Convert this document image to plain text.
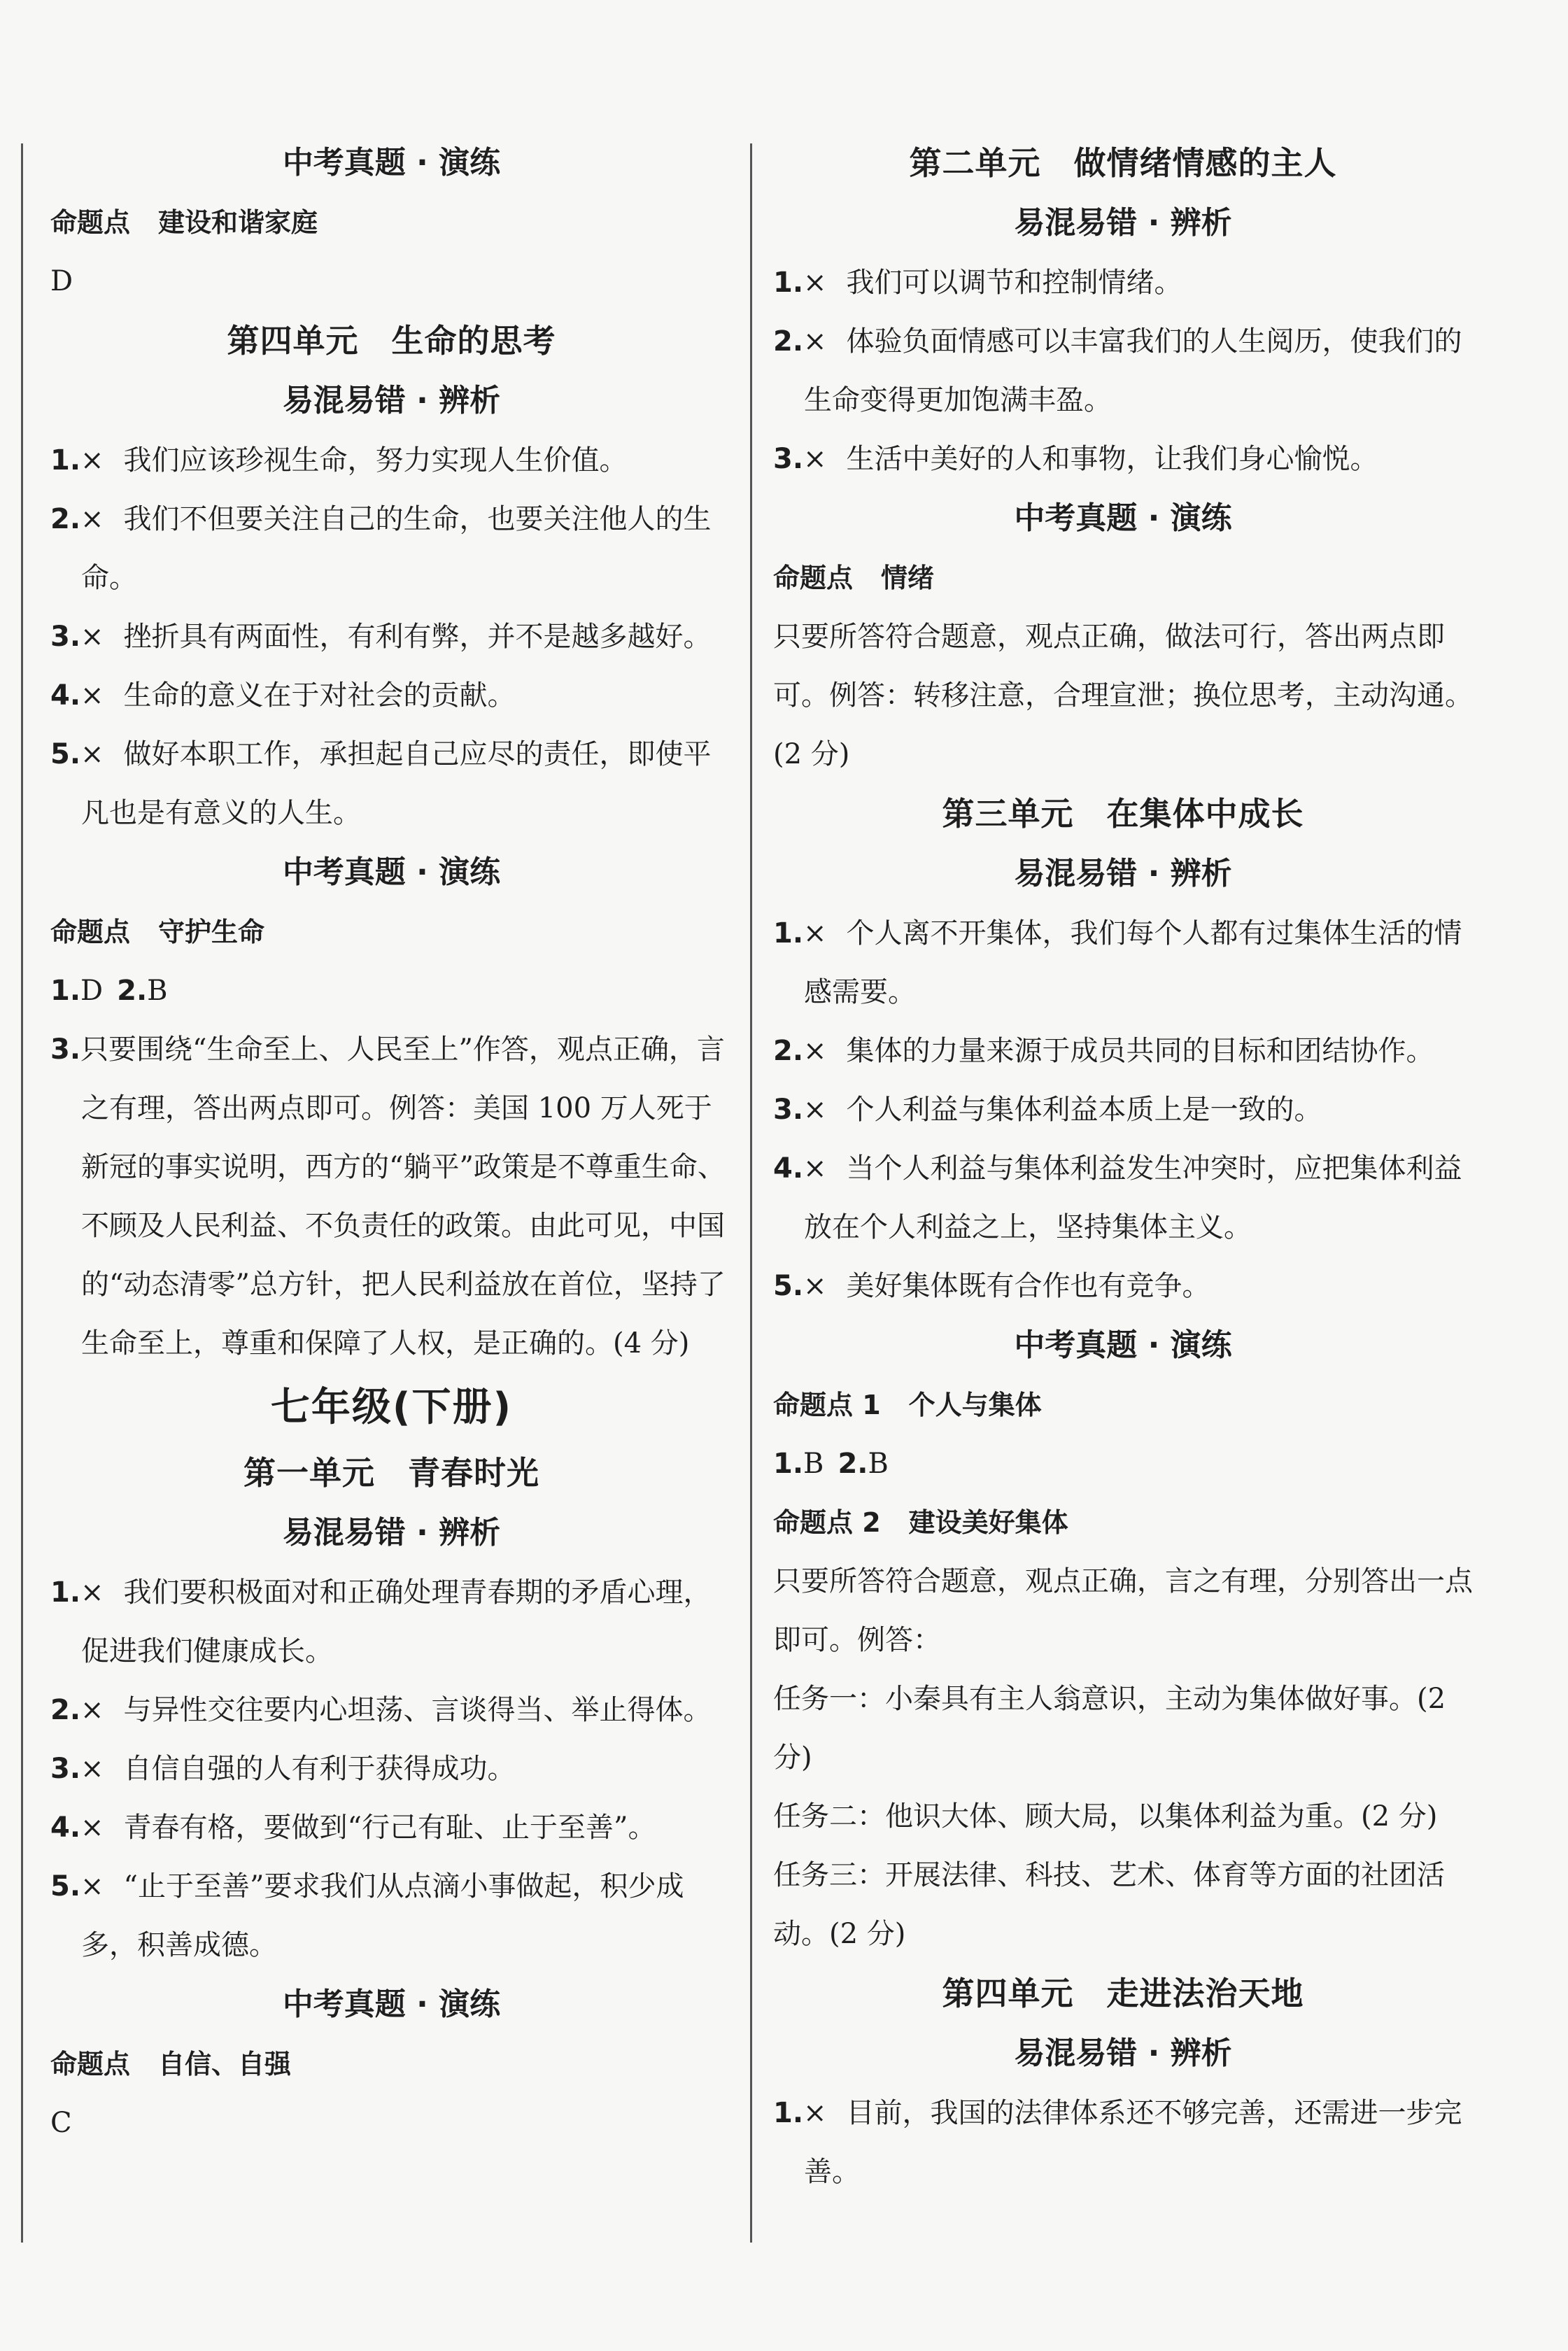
中考真题 · 演练

命题点 建设和谐家庭

D

第四单元　生命的思考
易混易错 · 辨析

1.× 我们应该珍视生命，努力实现人生价值。

2.× 我们不但要关注自己的生命，也要关注他人的生命。

3.× 挫折具有两面性，有利有弊，并不是越多越好。

4.× 生命的意义在于对社会的贡献。

5.× 做好本职工作，承担起自己应尽的责任，即使平凡也是有意义的人生。

中考真题 · 演练

命题点 守护生命

1.D 2.B

3.只要围绕“生命至上、人民至上”作答，观点正确，言之有理，答出两点即可。例答：美国 100 万人死于新冠的事实说明，西方的“躺平”政策是不尊重生命、不顾及人民利益、不负责任的政策。由此可见，中国的“动态清零”总方针，把人民利益放在首位，坚持了生命至上，尊重和保障了人权，是正确的。(4 分)

七年级(下册)
第一单元　青春时光
易混易错 · 辨析

1.× 我们要积极面对和正确处理青春期的矛盾心理，促进我们健康成长。

2.× 与异性交往要内心坦荡、言谈得当、举止得体。

3.× 自信自强的人有利于获得成功。

4.× 青春有格，要做到“行己有耻、止于至善”。

5.× “止于至善”要求我们从点滴小事做起，积少成多，积善成德。

中考真题 · 演练

命题点 自信、自强

C

第二单元　做情绪情感的主人
易混易错 · 辨析

1.× 我们可以调节和控制情绪。

2.× 体验负面情感可以丰富我们的人生阅历，使我们的生命变得更加饱满丰盈。

3.× 生活中美好的人和事物，让我们身心愉悦。

中考真题 · 演练

命题点 情绪

只要所答符合题意，观点正确，做法可行，答出两点即可。例答：转移注意，合理宣泄；换位思考，主动沟通。(2 分)

第三单元　在集体中成长
易混易错 · 辨析

1.× 个人离不开集体，我们每个人都有过集体生活的情感需要。

2.× 集体的力量来源于成员共同的目标和团结协作。

3.× 个人利益与集体利益本质上是一致的。

4.× 当个人利益与集体利益发生冲突时，应把集体利益放在个人利益之上，坚持集体主义。

5.× 美好集体既有合作也有竞争。

中考真题 · 演练

命题点 1 个人与集体

1.B 2.B

命题点 2 建设美好集体

只要所答符合题意，观点正确，言之有理，分别答出一点即可。例答：

任务一：小秦具有主人翁意识，主动为集体做好事。(2 分)

任务二：他识大体、顾大局，以集体利益为重。(2 分)

任务三：开展法律、科技、艺术、体育等方面的社团活动。(2 分)

第四单元　走进法治天地
易混易错 · 辨析

1.× 目前，我国的法律体系还不够完善，还需进一步完善。
